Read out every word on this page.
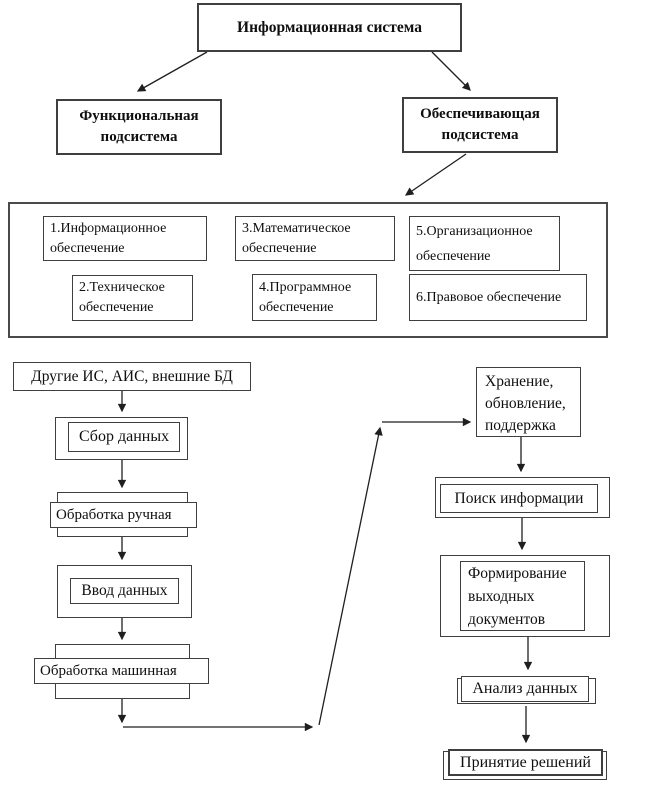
Информационная система
Функциональная
подсистема
Обеспечивающая
подсистема
1.Информационное обеспечение
2.Техническое обеспечение
3.Математическое обеспечение
4.Программное обеспечение
5.Организационное обеспечение
6.Правовое обеспечение
Другие ИС, АИС, внешние БД
Сбор данных
Обработка ручная
Ввод данных
Обработка машинная
Хранение, обновление, поддержка
Поиск информации
Формирование выходных документов
Анализ данных
Принятие решений
